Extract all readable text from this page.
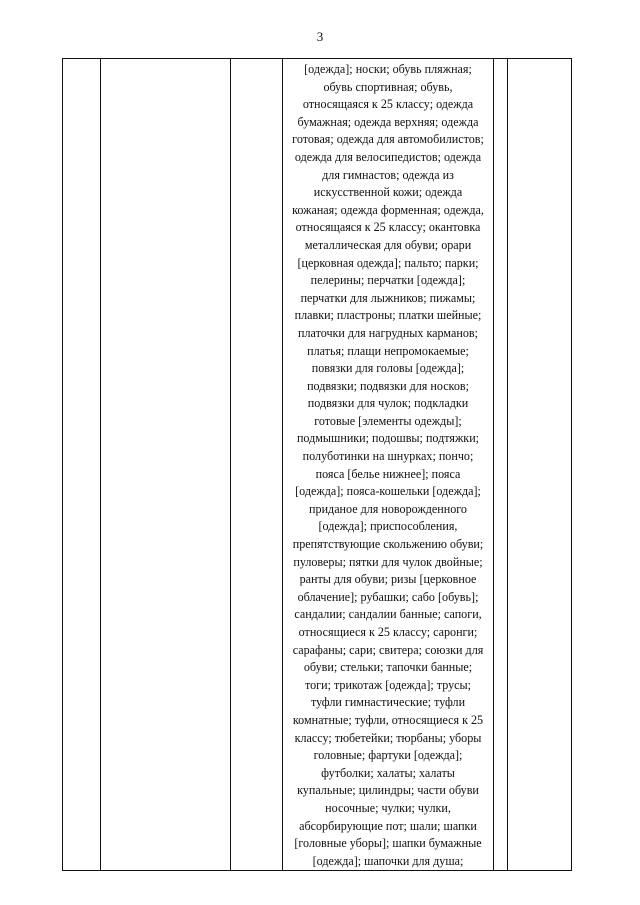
3

[одежда]; носки; обувь пляжная;
обувь спортивная; обувь,
относящаяся к 25 классу; одежда
бумажная; одежда верхняя; одежда
готовая; одежда для автомобилистов;
одежда для велосипедистов; одежда
для гимнастов; одежда из
искусственной кожи; одежда
кожаная; одежда форменная; одежда,
относящаяся к 25 классу; окантовка
металлическая для обуви; орари
[церковная одежда]; пальто; парки;
пелерины; перчатки [одежда];
перчатки для лыжников; пижамы;
плавки; пластроны; платки шейные;
платочки для нагрудных карманов;
платья; плащи непромокаемые;
повязки для головы [одежда];
подвязки; подвязки для носков;
подвязки для чулок; подкладки
готовые [элементы одежды];
подмышники; подошвы; подтяжки;
полуботинки на шнурках; пончо;
пояса [белье нижнее]; пояса
[одежда]; пояса-кошельки [одежда];
приданое для новорожденного
[одежда]; приспособления,
препятствующие скольжению обуви;
пуловеры; пятки для чулок двойные;
ранты для обуви; ризы [церковное
облачение]; рубашки; сабо [обувь];
сандалии; сандалии банные; сапоги,
относящиеся к 25 классу; саронги;
сарафаны; сари; свитера; союзки для
обуви; стельки; тапочки банные;
тоги; трикотаж [одежда]; трусы;
туфли гимнастические; туфли
комнатные; туфли, относящиеся к 25
классу; тюбетейки; тюрбаны; уборы
головные; фартуки [одежда];
футболки; халаты; халаты
купальные; цилиндры; части обуви
носочные; чулки; чулки,
абсорбирующие пот; шали; шапки
[головные уборы]; шапки бумажные
[одежда]; шапочки для душа;
